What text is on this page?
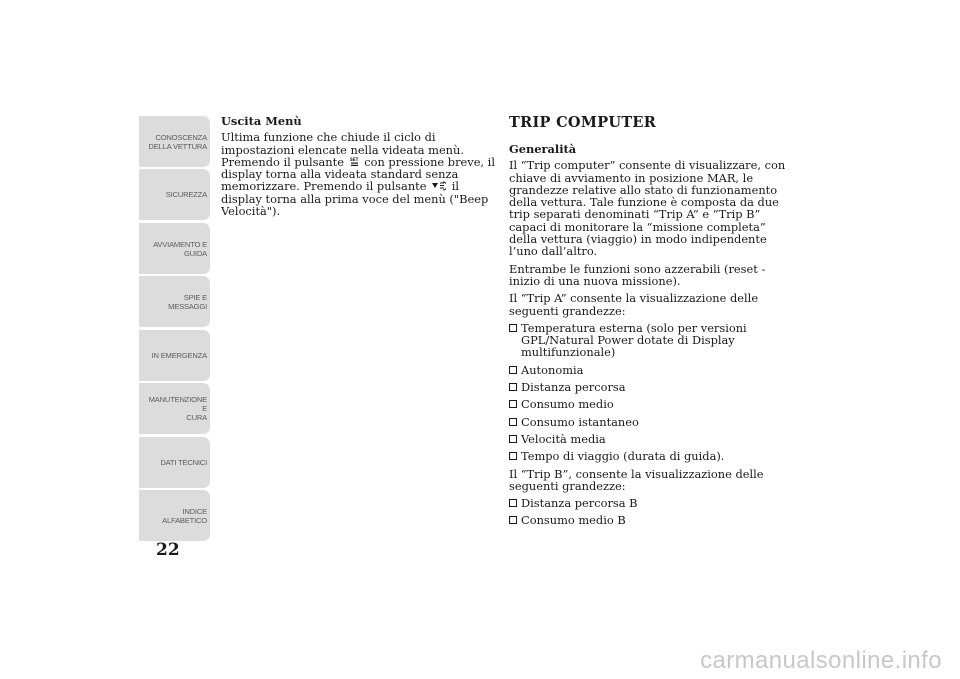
CONOSCENZA
DELLA VETTURA
SICUREZZA
AVVIAMENTO E
GUIDA
SPIE E MESSAGGI
IN EMERGENZA
MANUTENZIONE E
CURA
DATI TECNICI
INDICE
ALFABETICO
22
Uscita Menù

Ultima funzione che chiude il ciclo di impostazioni elencate nella videata menù. Premendo il pulsante SET con pressione breve, il display torna alla videata standard senza memorizzare. Premendo il pulsante il display torna alla prima voce del menù ("Beep Velocità").

TRIP COMPUTER
Generalità

Il “Trip computer” consente di visualizzare, con chiave di avviamento in posizione MAR, le grandezze relative allo stato di funzionamento della vettura. Tale funzione è composta da due trip separati denominati “Trip A” e “Trip B” capaci di monitorare la “missione completa” della vettura (viaggio) in modo indipendente l’uno dall’altro.

Entrambe le funzioni sono azzerabili (reset - inizio di una nuova missione).

Il “Trip A” consente la visualizzazione delle seguenti grandezze:

Temperatura esterna (solo per versioni GPL/Natural Power dotate di Display multifunzionale)
Autonomia
Distanza percorsa
Consumo medio
Consumo istantaneo
Velocità media
Tempo di viaggio (durata di guida).

Il “Trip B”, consente la visualizzazione delle seguenti grandezze:

Distanza percorsa B
Consumo medio B
carmanualsonline.info
